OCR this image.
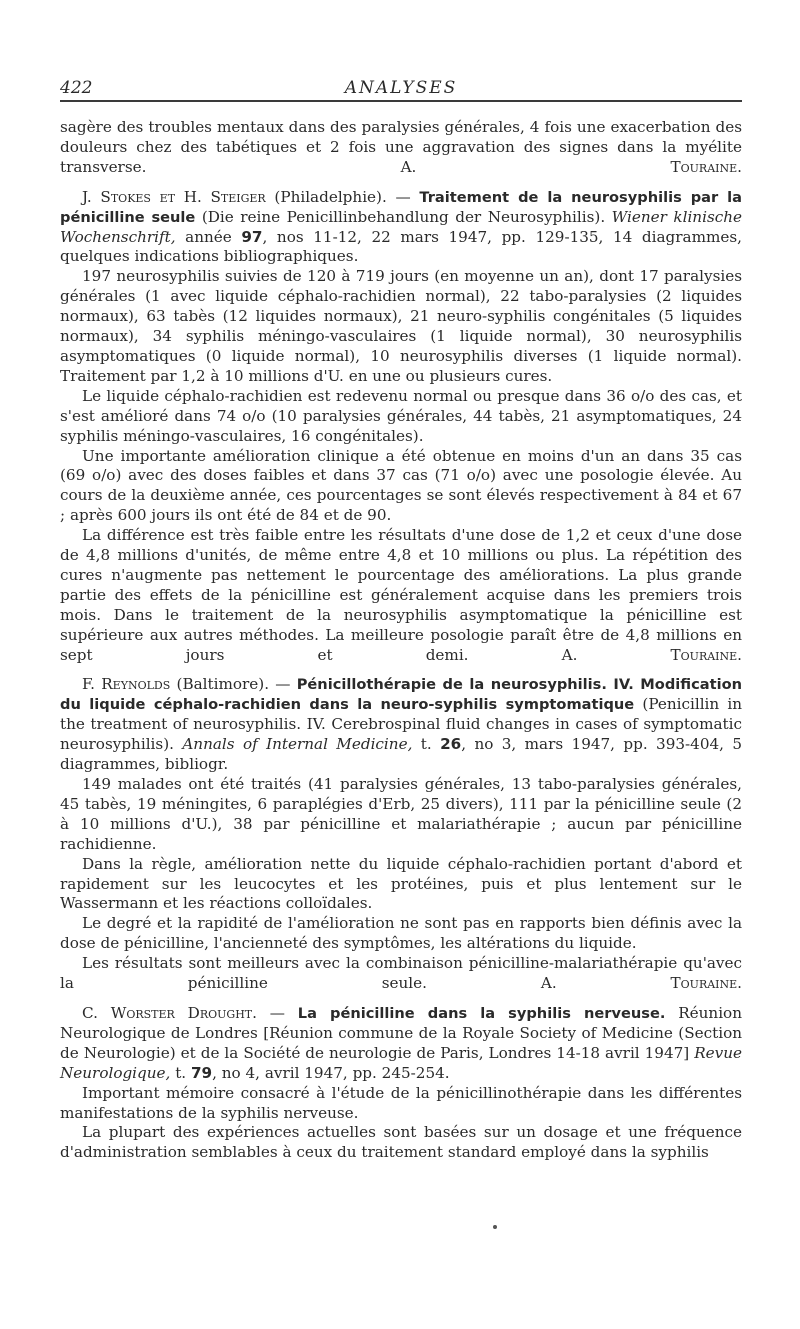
422	ANALYSES

sagère des troubles mentaux dans des paralysies générales, 4 fois une exacerbation des douleurs chez des tabétiques et 2 fois une aggravation des signes dans la myélite transverse.	A. Touraine.

J. Stokes et H. Steiger (Philadelphie). — Traitement de la neurosyphilis par la pénicilline seule (Die reine Penicillinbehandlung der Neurosyphilis). Wiener klinische Wochenschrift, année 97, nos 11-12, 22 mars 1947, pp. 129-135, 14 diagrammes, quelques indications bibliographiques.

197 neurosyphilis suivies de 120 à 719 jours (en moyenne un an), dont 17 paralysies générales (1 avec liquide céphalo-rachidien normal), 22 tabo-paralysies (2 liquides normaux), 63 tabès (12 liquides normaux), 21 neuro-syphilis congénitales (5 liquides normaux), 34 syphilis méningo-vasculaires (1 liquide normal), 30 neurosyphilis asymptomatiques (0 liquide normal), 10 neurosyphilis diverses (1 liquide normal). Traitement par 1,2 à 10 millions d'U. en une ou plusieurs cures.

Le liquide céphalo-rachidien est redevenu normal ou presque dans 36 o/o des cas, et s'est amélioré dans 74 o/o (10 paralysies générales, 44 tabès, 21 asymptomatiques, 24 syphilis méningo-vasculaires, 16 congénitales).

Une importante amélioration clinique a été obtenue en moins d'un an dans 35 cas (69 o/o) avec des doses faibles et dans 37 cas (71 o/o) avec une posologie élevée. Au cours de la deuxième année, ces pourcentages se sont élevés respectivement à 84 et 67 ; après 600 jours ils ont été de 84 et de 90.

La différence est très faible entre les résultats d'une dose de 1,2 et ceux d'une dose de 4,8 millions d'unités, de même entre 4,8 et 10 millions ou plus. La répétition des cures n'augmente pas nettement le pourcentage des améliorations. La plus grande partie des effets de la pénicilline est généralement acquise dans les premiers trois mois. Dans le traitement de la neurosyphilis asymptomatique la pénicilline est supérieure aux autres méthodes. La meilleure posologie paraît être de 4,8 millions en sept jours et demi.	A. Touraine.

F. Reynolds (Baltimore). — Pénicillothérapie de la neurosyphilis. IV. Modification du liquide céphalo-rachidien dans la neuro-syphilis symptomatique (Penicillin in the treatment of neurosyphilis. IV. Cerebrospinal fluid changes in cases of symptomatic neurosyphilis). Annals of Internal Medicine, t. 26, no 3, mars 1947, pp. 393-404, 5 diagrammes, bibliogr.

149 malades ont été traités (41 paralysies générales, 13 tabo-paralysies générales, 45 tabès, 19 méningites, 6 paraplégies d'Erb, 25 divers), 111 par la pénicilline seule (2 à 10 millions d'U.), 38 par pénicilline et malariathérapie ; aucun par pénicilline rachidienne.

Dans la règle, amélioration nette du liquide céphalo-rachidien portant d'abord et rapidement sur les leucocytes et les protéines, puis et plus lentement sur le Wassermann et les réactions colloïdales.

Le degré et la rapidité de l'amélioration ne sont pas en rapports bien définis avec la dose de pénicilline, l'ancienneté des symptômes, les altérations du liquide.

Les résultats sont meilleurs avec la combinaison pénicilline-malariathérapie qu'avec la pénicilline seule.	A. Touraine.

C. Worster Drought. — La pénicilline dans la syphilis nerveuse. Réunion Neurologique de Londres [Réunion commune de la Royale Society of Medicine (Section de Neurologie) et de la Société de neurologie de Paris, Londres 14-18 avril 1947] Revue Neurologique, t. 79, no 4, avril 1947, pp. 245-254.

Important mémoire consacré à l'étude de la pénicillinothérapie dans les différentes manifestations de la syphilis nerveuse.

La plupart des expériences actuelles sont basées sur un dosage et une fréquence d'administration semblables à ceux du traitement standard employé dans la syphilis
